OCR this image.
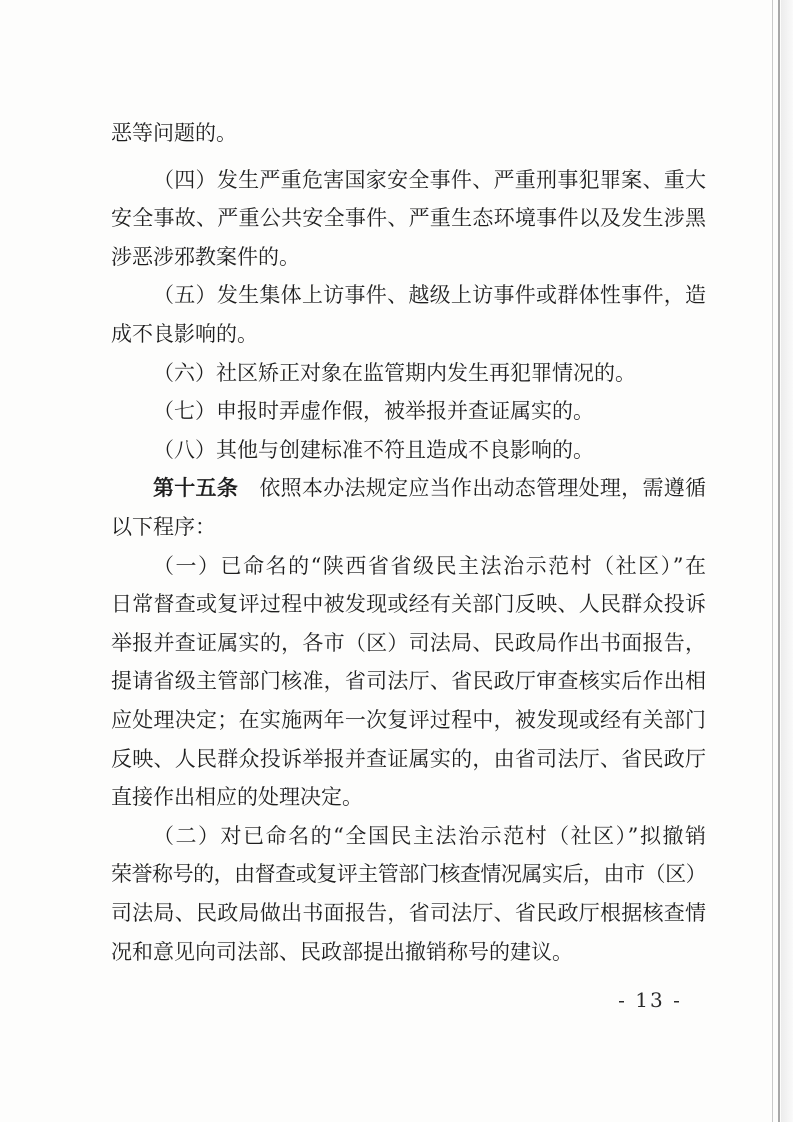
恶等问题的。
（四）发生严重危害国家安全事件、严重刑事犯罪案、重大
安全事故、严重公共安全事件、严重生态环境事件以及发生涉黑
涉恶涉邪教案件的。
（五）发生集体上访事件、越级上访事件或群体性事件，造
成不良影响的。
（六）社区矫正对象在监管期内发生再犯罪情况的。
（七）申报时弄虚作假，被举报并查证属实的。
（八）其他与创建标准不符且造成不良影响的。
第十五条　依照本办法规定应当作出动态管理处理，需遵循
以下程序：
（一）已命名的“陕西省省级民主法治示范村（社区）”在
日常督查或复评过程中被发现或经有关部门反映、人民群众投诉
举报并查证属实的，各市（区）司法局、民政局作出书面报告，
提请省级主管部门核准，省司法厅、省民政厅审查核实后作出相
应处理决定；在实施两年一次复评过程中，被发现或经有关部门
反映、人民群众投诉举报并查证属实的，由省司法厅、省民政厅
直接作出相应的处理决定。
（二）对已命名的“全国民主法治示范村（社区）”拟撤销
荣誉称号的，由督查或复评主管部门核查情况属实后，由市（区）
司法局、民政局做出书面报告，省司法厅、省民政厅根据核查情
况和意见向司法部、民政部提出撤销称号的建议。
- 13 -
